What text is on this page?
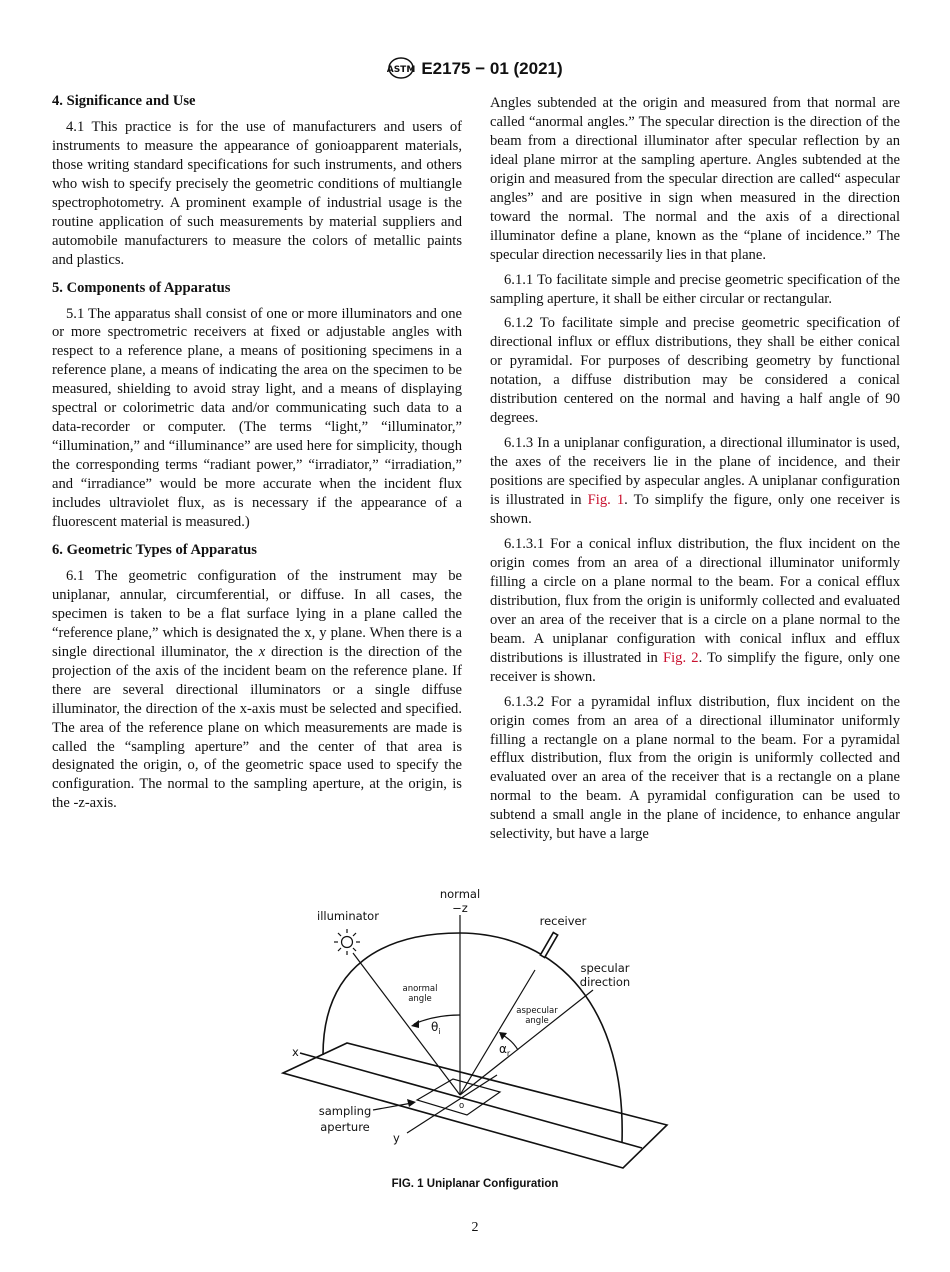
ASTM E2175 − 01 (2021)
4. Significance and Use

4.1 This practice is for the use of manufacturers and users of instruments to measure the appearance of gonioapparent materials, those writing standard specifications for such instruments, and others who wish to specify precisely the geometric conditions of multiangle spectrophotometry. A prominent example of industrial usage is the routine application of such measurements by material suppliers and automobile manufacturers to measure the colors of metallic paints and plastics.

5. Components of Apparatus

5.1 The apparatus shall consist of one or more illuminators and one or more spectrometric receivers at fixed or adjustable angles with respect to a reference plane, a means of positioning specimens in a reference plane, a means of indicating the area on the specimen to be measured, shielding to avoid stray light, and a means of displaying spectral or colorimetric data and/or communicating such data to a data-recorder or computer. (The terms “light,” “illuminator,” “illumination,” and “illuminance” are used here for simplicity, though the corresponding terms “radiant power,” “irradiator,” “irradiation,” and “irradiance” would be more accurate when the incident flux includes ultraviolet flux, as is necessary if the appearance of a fluorescent material is measured.)

6. Geometric Types of Apparatus

6.1 The geometric configuration of the instrument may be uniplanar, annular, circumferential, or diffuse. In all cases, the specimen is taken to be a flat surface lying in a plane called the “reference plane,” which is designated the x, y plane. When there is a single directional illuminator, the x direction is the direction of the projection of the axis of the incident beam on the reference plane. If there are several directional illuminators or a single diffuse illuminator, the direction of the x-axis must be selected and specified. The area of the reference plane on which measurements are made is called the “sampling aperture” and the center of that area is designated the origin, o, of the geometric space used to specify the configuration. The normal to the sampling aperture, at the origin, is the -z-axis.

Angles subtended at the origin and measured from that normal are called “anormal angles.” The specular direction is the direction of the beam from a directional illuminator after specular reflection by an ideal plane mirror at the sampling aperture. Angles subtended at the origin and measured from the specular direction are called“ aspecular angles” and are positive in sign when measured in the direction toward the normal. The normal and the axis of a directional illuminator define a plane, known as the “plane of incidence.” The specular direction necessarily lies in that plane.

6.1.1 To facilitate simple and precise geometric specification of the sampling aperture, it shall be either circular or rectangular.

6.1.2 To facilitate simple and precise geometric specification of directional influx or efflux distributions, they shall be either conical or pyramidal. For purposes of describing geometry by functional notation, a diffuse distribution may be considered a conical distribution centered on the normal and having a half angle of 90 degrees.

6.1.3 In a uniplanar configuration, a directional illuminator is used, the axes of the receivers lie in the plane of incidence, and their positions are specified by aspecular angles. A uniplanar configuration is illustrated in Fig. 1. To simplify the figure, only one receiver is shown.

6.1.3.1 For a conical influx distribution, the flux incident on the origin comes from an area of a directional illuminator uniformly filling a circle on a plane normal to the beam. For a conical efflux distribution, flux from the origin is uniformly collected and evaluated over an area of the receiver that is a circle on a plane normal to the beam. A uniplanar configuration with conical influx and efflux distributions is illustrated in Fig. 2. To simplify the figure, only one receiver is shown.

6.1.3.2 For a pyramidal influx distribution, flux incident on the origin comes from an area of a directional illuminator uniformly filling a rectangle on a plane normal to the beam. For a pyramidal efflux distribution, flux from the origin is uniformly collected and evaluated over an area of the receiver that is a rectangle on a plane normal to the beam. A pyramidal configuration can be used to subtend a small angle in the plane of incidence, to enhance angular selectivity, but have a large

normal
−z
illuminator	receiver
specular
direction
x
y
sampling
aperture
anormal
angle
aspecular
angle
o
$\theta_i$
$\alpha_r$
FIG. 1 Uniplanar Configuration
2
